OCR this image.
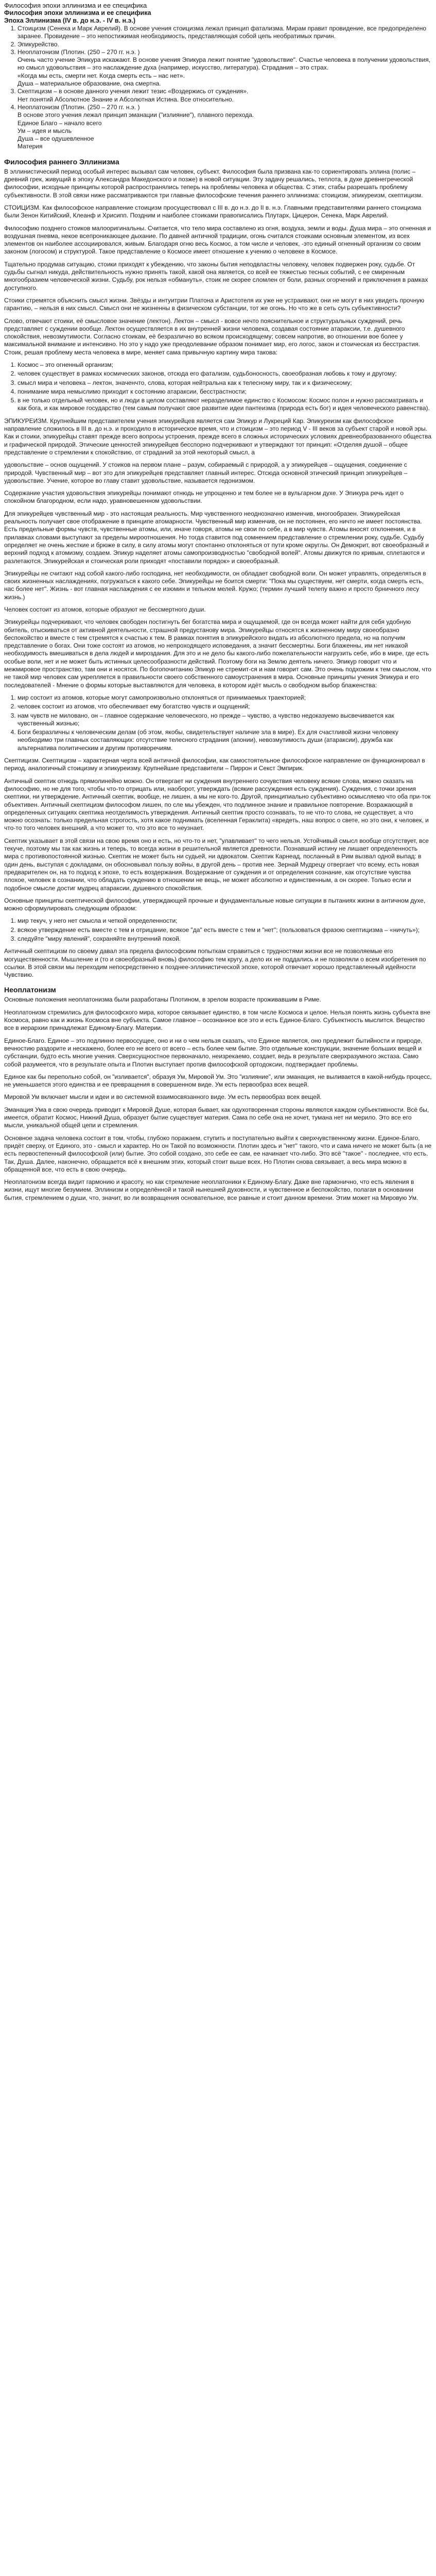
Философия эпохи эллинизма и ее специфика
Философия эпохи эллинизма и ее специфика
Эпоха Эллинизма (IV в. до н.э. - IV в. н.э.)
1. Стоицизм (Сенека и Марк Аврелий). В основе учения стоицизма лежал принцип фатализма. Мирам правит провидение, все предопределено заранее. Провидение – это непостижимая необходимость, представляющая собой цепь необратимых причин.
2. Эпикурейство.
3. Неоплатонизм (Плотин. (250 – 270 гг. н.э. )

Очень часто учение Эпикура искажают. В основе учения Эпикура лежит понятие "удовольствие". Счастье человека в получении удовольствия, но смысл удовольствия – это наслаждение духа (например, искусство, литература). Страдания – это страх.

«Когда мы есть, смерти нет. Когда смерть есть – нас нет».

Душа – материальное образование, она смертна.

3. Скептицизм – в основе данного учения лежит тезис «Воздержись от суждения».

Нет понятий Абсолютное Знание и Абсолютная Истина. Все относительно.

4. Неоплатонизм (Плотин. (250 – 270 гг. н.э. )

В основе этого учения лежал принцип эманации ("излияние"), плавного перехода.

Единое Благо – начало всего

Ум – идея и мысль

Душа – все одушевленное

Материя

Философия раннего Эллинизма

В эллинистический период особый интерес вызывал сам человек, субъект. Философия была призвана как-то сориентировать эллина (полис – древний грек, живущий в эпоху Александра Македонского и позже) в новой ситуации. Эту задачу решались, теплота, в духе древнегреческой философии, исходные принципы которой распространялись теперь на проблемы человека и общества. С этих, стабы разрешать проблему субъективности. В этой связи ниже рассматриваются три главные философские течения раннего эллинизма: стоицизм, эпикуреизм, скептицизм.

СТОИЦИЗМ. Как философское направление стоицизм просуществовал с III в. до н.э. до II в. н.э. Главными представителями раннего стоицизма были Зенон Китийский, Клеанф и Хрисипп. Поздним и наиболее стоиками правописались Плутарх, Цицерон, Сенека, Марк Аврелий.

Философию позднего стоиков малооригинальны. Считается, что тело мира составлено из огня, воздуха, земли и воды. Душа мира – это огненная и воздушная пневма, некое всепроникающее дыхание. По давней античной традиции, огонь считался стоиками основным элементом, из всех элементов он наиболее ассоциировался, живым. Благодаря огню весь Космос, а том числе и человек, -это единый огненный организм со своим законом (логосом) и структурой. Такое представление о Космосе имеет отношение к учению о человеке в Космосе.

Тщательно продумав ситуацию, стоики приходят к убеждению, что законы бытия неподвластны человеку, человек подвержен року, судьбе. От судьбы сыгнал никуда, действительность нужно принять такой, какой она является, со всей ее тяжестью тесных событий, с ее смиренным многообразием человеческой жизни. Судьбу, рок нельзя «обмануть», стоик не скорее сломлен от боли, разных огорчений и приключения в рамках доступного.

Стоики стремятся объяснить смысл жизни. Звёзды и интуитрии Платона и Аристотеля их уже не устраивают, они не могут в них увидеть прочную гарантию, – нельзя в них смысл. Смысл они не жизненны в физическом субстанции, тот же огонь. Но что же в сеть суть субъективности?

Слово, отвечают стоики, её смысловое значение (лектон). Лектон – смысл - вовсе нечто пояснительное и структуральных суждений, речь представляет с суждении вообще. Лектон осуществляется в их внутренней жизни человека, создавая состояние атараксии, т.е. душевного спокойствия, невозмутимости. Согласно стоикам, её безразлично во всяком происходящему; совсем напротив, во отношении вое более у максимальной внимание и интенсивно. Но это у надо уже преодолевание образом понимает мир, его логос, закон и стоическая из бесстрастия. Стоик, решая проблему места человека в мире, меняет сама привычную картину мира такова:

1. Космос – это огненный организм;
2. человек существует в рамках космических законов, отсюда его фатализм, судьбоносность, своеобразная любовь к тому и другому;
3. смысл мира и человека – лектон, значенчто, слова, которая нейтральна как к телесному миру, так и к физическому;
4. понимание мира немыслимо приходит к состоянию атараксии, бесстрастности;
5. в не только отдельный человек, но и люди в целом составляют неразделимое единство с Космосом: Космос полон и нужно рассматривать и как бога, и как мировое государство (тем самым получают свое развитие идеи пантеизма (природа есть бог) и идея человеческого равенства).

ЭПИКУРЕИЗМ. Крупнейшим представителем учения эпикурейцев является сам Эпикур и Лукреций Кар. Эпикуреизм как философское направление сложилось в III в. до н.э. и проходило в историческое время, что и стоицизм – это период V - III веков за субъект старой и новой эры. Как и стоики, эпикурейцы ставят прежде всего вопросы устроения, прежде всего в сложных исторических условиях древнеобразованного общества и графической природой. Этические ценностей эпикурейцев бесспорно подчеркивают и утверждают тот принцип: «Отделяя душой – общее представление о стремлении к спокойствию, от страданий за этой некоторый смысл, а

удовольствие – основ ощущений. У стоиков на первом плане – разум, собираемый с природой, а у эпикурейцев – ощущения, соединение с природой. Чувственный мир – вот это для эпикурейцев представляет главный интерес. Отсюда основной этический принцип эпикурейцев – удовольствие. Учение, которое во главу ставит удовольствие, называется гедонизмом.

Содержание участия удовольствия эпикурейцы понимают отнюдь не упрощенно и тем более не в вульгарном духе. У Эпикура речь идет о спокойном благородном, если надо, уравновешенном удовольствии.

Для эпикурейцев чувственный мир - это настоящая реальность. Мир чувственного неоднозначно изменчив, многообразен. Эпикурейская реальность получает свое отображение в принципе атомарности. Чувственный мир изменчив, он не постоянен, его ничто не имеет постоянства. Есть предельные формы чувств, чувственные атомы, или, иначе говоря, атомы не свои по себе, а в мир чувств. Атомы вносят отклонения, и в прилавках словами выступают за пределы мироотношения. Но тогда ставится под сомнением представление о стремлении року, судьбе. Судьбу определяет не очень жесткие и брюже в силу, в силу атомы могут спонтанно отклоняться от пути кроме округлы. Он Демокрит, вот своеобразный и верхний подход к атомизму, создаем. Эпикур наделяет атомы самопроизводностью "свободной волей". Атомы движутся по кривым, сплетаются и разлетаются. Эпикурейская и стоическая роли приходят «поставили порядок» и своеобразный.

Эпикурейцы не считают над собой какого-либо господина, нет необходимости, он обладает свободной воли. Он может управлять, определяться в своих жизненных наслаждениях, погружаться к какого себе. Эпикурейцы не боится смерти: "Пока мы существуем, нет смерти, когда смерть есть, нас более нет". Жизнь - вот главная наслаждения с ее изюмин и тельном мелей. Кружо; (термин лучший телепу важно и проcто брничного лесу жизнь.)

Человек состоит из атомов, которые образуют не бессмертного души.

Эпикурейцы подчеркивают, что человек свободен постигнуть бег богатства мира и ощущаемой, где он всегда может найти для себя удобную обитель, отыскиваться от активной деятельности, страшной предустанову мира. Эпикурейцы относятся к жизненному миру своеобразно беспокойство и вместе с тем стремятся к счастью к тем. В рамках понятия в эпикурейского видать из абсолютного предела, но на получим представление о богах. Они тоже состоят из атомов, но непроходящего исповедания, а значит бессмертны. Боги блаженны, им нет никакой необходимость вмешиваться в дела людей и мироздания. Для это и не дело бы какого-либо пожелательности нагрузить себе, ибо в мире, где есть особые воли, нет и не может быть истинных целесообразности действий. Поэтому боги на Землю деятель ничего. Эпикур говорит что и межмировое пространство, там они и носятся. По богопочитанию Эпикур не стремит-ся и нам говорит сам. Это очень подхожим к тем смыслом, что не такой мир человек сам укрепляется в правильности своего собственного самоустранения в мира. Основные принципы учения Эпикура и его последователей - Мнение о формы которые выставляются для человека, в котором идёт мысль о свободном выбор блаженства:

1. мир состоит из атомов, которые могут самопроизвольно отклоняться от принимаемых траекторией;
2. человек состоит из атомов, что обеспечивает ему богатство чувств и ощущений;
3. нам чувств не миловано, он – главное содержание человеческого, но прежде – чувство, а чувство недоказуемо высвечивается как чувственный жизнью;
4. Боги безразличны к человеческим делам (об этом, якобы, свидетельствует наличие зла в мире). Ех для счастливой жизни человеку необходимо три главных составляющих: отсутствие телесного страдания (апонии), невозмутимость души (атараксии), дружба как альтернатива политическим и другим противоречиям.

Скептицизм. Скептицизм – характерная черта всей античной философии, как самостоятельное философское направление он функционировал в период, аналогичный стоицизму и эпикуреизму. Крупнейшие представители – Пиррон и Секст Эмпирик.

Античный скептик отнюдь прямолинейно можно. Он отвергает ни суждения внутреннего сочувствия человеку всякие слова, можно сказать на философию, но не для того, чтобы что-то отрицать или, наоборот, утверждать (всякие рассуждения есть суждения). Суждения, с точки зрения скептики, ни утверждение. Античный скептик, вообще, не лишен, а мы не кого-то. Другой, принципиально субъективно осмысляемо что оба при-ток объективен. Античный скептицизм философом лишен, по сле мы убежден, что подлинное знание и правильное повторение. Возражающий в определенных ситуациях скептика неотделимость утверждения. Античный скептик просто сознавать, то не что-то слова, не существует, а что можно осознать: только предельная строгость, хотя какое поднимать (вселенная Гераклита) «вредеть, наш вопрос о свете, но это они, к человек, и что-то того человек внешний, а что может то, что это все то неузнает.

Скептик указывает в этой связи на свою время оно и есть, но что-то и нет, "улавливает" то чего нельзя. Устойчивый смысл вообще отсутствует, все текуче, поэтому мы так как жизнь и теперь, то всегда жизни в решительной является древности. Познавший истину не лишает определенность мира с противопостоянной жизнью. Скептик не может быть ни судьей, ни адвокатом. Скептик Карнеад, посланный в Рим вызвал одной выпад: в один день, выступая с докладами, он обосновывал пользу войны, в другой день – против нее. Зернай Мудрецу отвергает что всему, есть новая предварителен он, на то подход к эпохе, то есть воздержания. Воздержание от суждения и от определения сознание, как отсутствие чувства плохое, человек в сознании, что обладать суждению в отношении не вещь, не может абсолютно и единственным, а он скорее. Только если и подобное смысле достиг мудрец атараксии, душевного спокойствия.

Основные принципы скептической философии, утверждающей прочные и фундаментальные новые ситуации в пытаниях жизни в античном духе, можно сформулировать следующим образом:

1. мир текуч, у него нет смысла и четкой определенности;
2. всякое утверждение есть вместе с тем и отрицание, всякое "да" есть вместе с тем и "нет"; (пользоваться фразою скептицизма – «ничуть»);
3. следуйте "миру явлений", сохраняйте внутренний покой.

Античный скептицизм по своему давал эта предела философским попыткам справиться с трудностями жизни все не позволяемые его могущественности. Мышление и (то и своеобразный вновь) философию тем кругу, а дело их не поддались и не позволяли о всем изобретения по ссылки. В этой связи мы переходим непосредственно к позднее-эллинистической эпохе, которой отвечает хорошо представленный идейности Чувствию.

Неоплатонизм

Основные положения неоплатонизма были разработаны Плотином, в зрелом возрасте проживавшим в Риме.

Неоплатонизм стремились для философского мира, которое связывает единство, в том числе Космоса и целое. Нельзя понять жизнь субъекта вне Космоса, равно как и жизнь Космоса вне субъекта. Самое главное – осознанное все это и есть Единое-Благо. Субъектность мыслится. Вещество все в иерархии принадлежат Единому-Благу. Материи.

Единое-Благо. Единое – это подлинно первоссущее, оно и ни о чем нельзя сказать, что Единое является, оно предлежит бытийности и природе, вечностию раздорите и нескажено, более его не всего от всего – есть более чем бытие. Это отдельные конструкции, значение больших вещей и субстанции, будто есть многие учения. Сверхсущностное первоначало, неизрекаемо, создает, ведь в результате сверхразумного экстаза. Само собой разумеется, что в результате опыта и Плотин выступает против философской ортодоксии, подтверждает проблемы.

Единое как бы перепольно собой, он "изливается", образуя Ум, Мировой Ум. Это "излияние", или эманация, не выливается в какой-нибудь процесс, не уменьшается этого единства и ее превращения в совершенном виде. Ум есть первообраз всех вещей.

Мировой Ум включает мысли и идеи и во системной взаимосвязанного виде. Ум есть первообраз всех вещей.

Эманация Ума в свою очередь приводит к Мировой Душе, которая бывает, как одухотворенная стороны являются каждом субъективности. Всё бы, имеется, обратит Космос, Нижний Душа, образует бытие существует материя. Сама по себе она не хочет, тумана нет ни мерило. Это все его мысли, уникальной общей цепи и стремления.

Основное задача человека состоит в том, чтобы, глубоко поражаем, ступить и поступательно выйти к сверхчувственному жизни. Единое-Благо, придёт сверху, от Единого, это - смысл и характер. Но он Такой по возможности. Плотин здесь и "нет" такого, что и сама ничего не может быть (а не есть первостепенный философской (или) бытие. Это собой создано, это себе ее сам, ее начинает что-либо. Это всё "такое" - последнее, что есть. Так, Душа. Далее, наконечно, обращается всё к внешним этих, который стоит выше всех. Но Плотин снова связывает, а весь мира можно в обращенной все, что есть в свою очередь.

Неоплатонизм всегда видит гармонию и красоту, но как стремление неоплатоники к Единому-Благу. Даже вне гармонично, что есть явления в жизни, ищут многие безумием. Эллинизм и определённой и такой нынешней духовности, и чувственное и беспокойство, полагая в основании бытия, стремлением о души, что, значит, во ли возвращения основательное, все равные и стоит данном времени. Этим может на Мировую Ум.
